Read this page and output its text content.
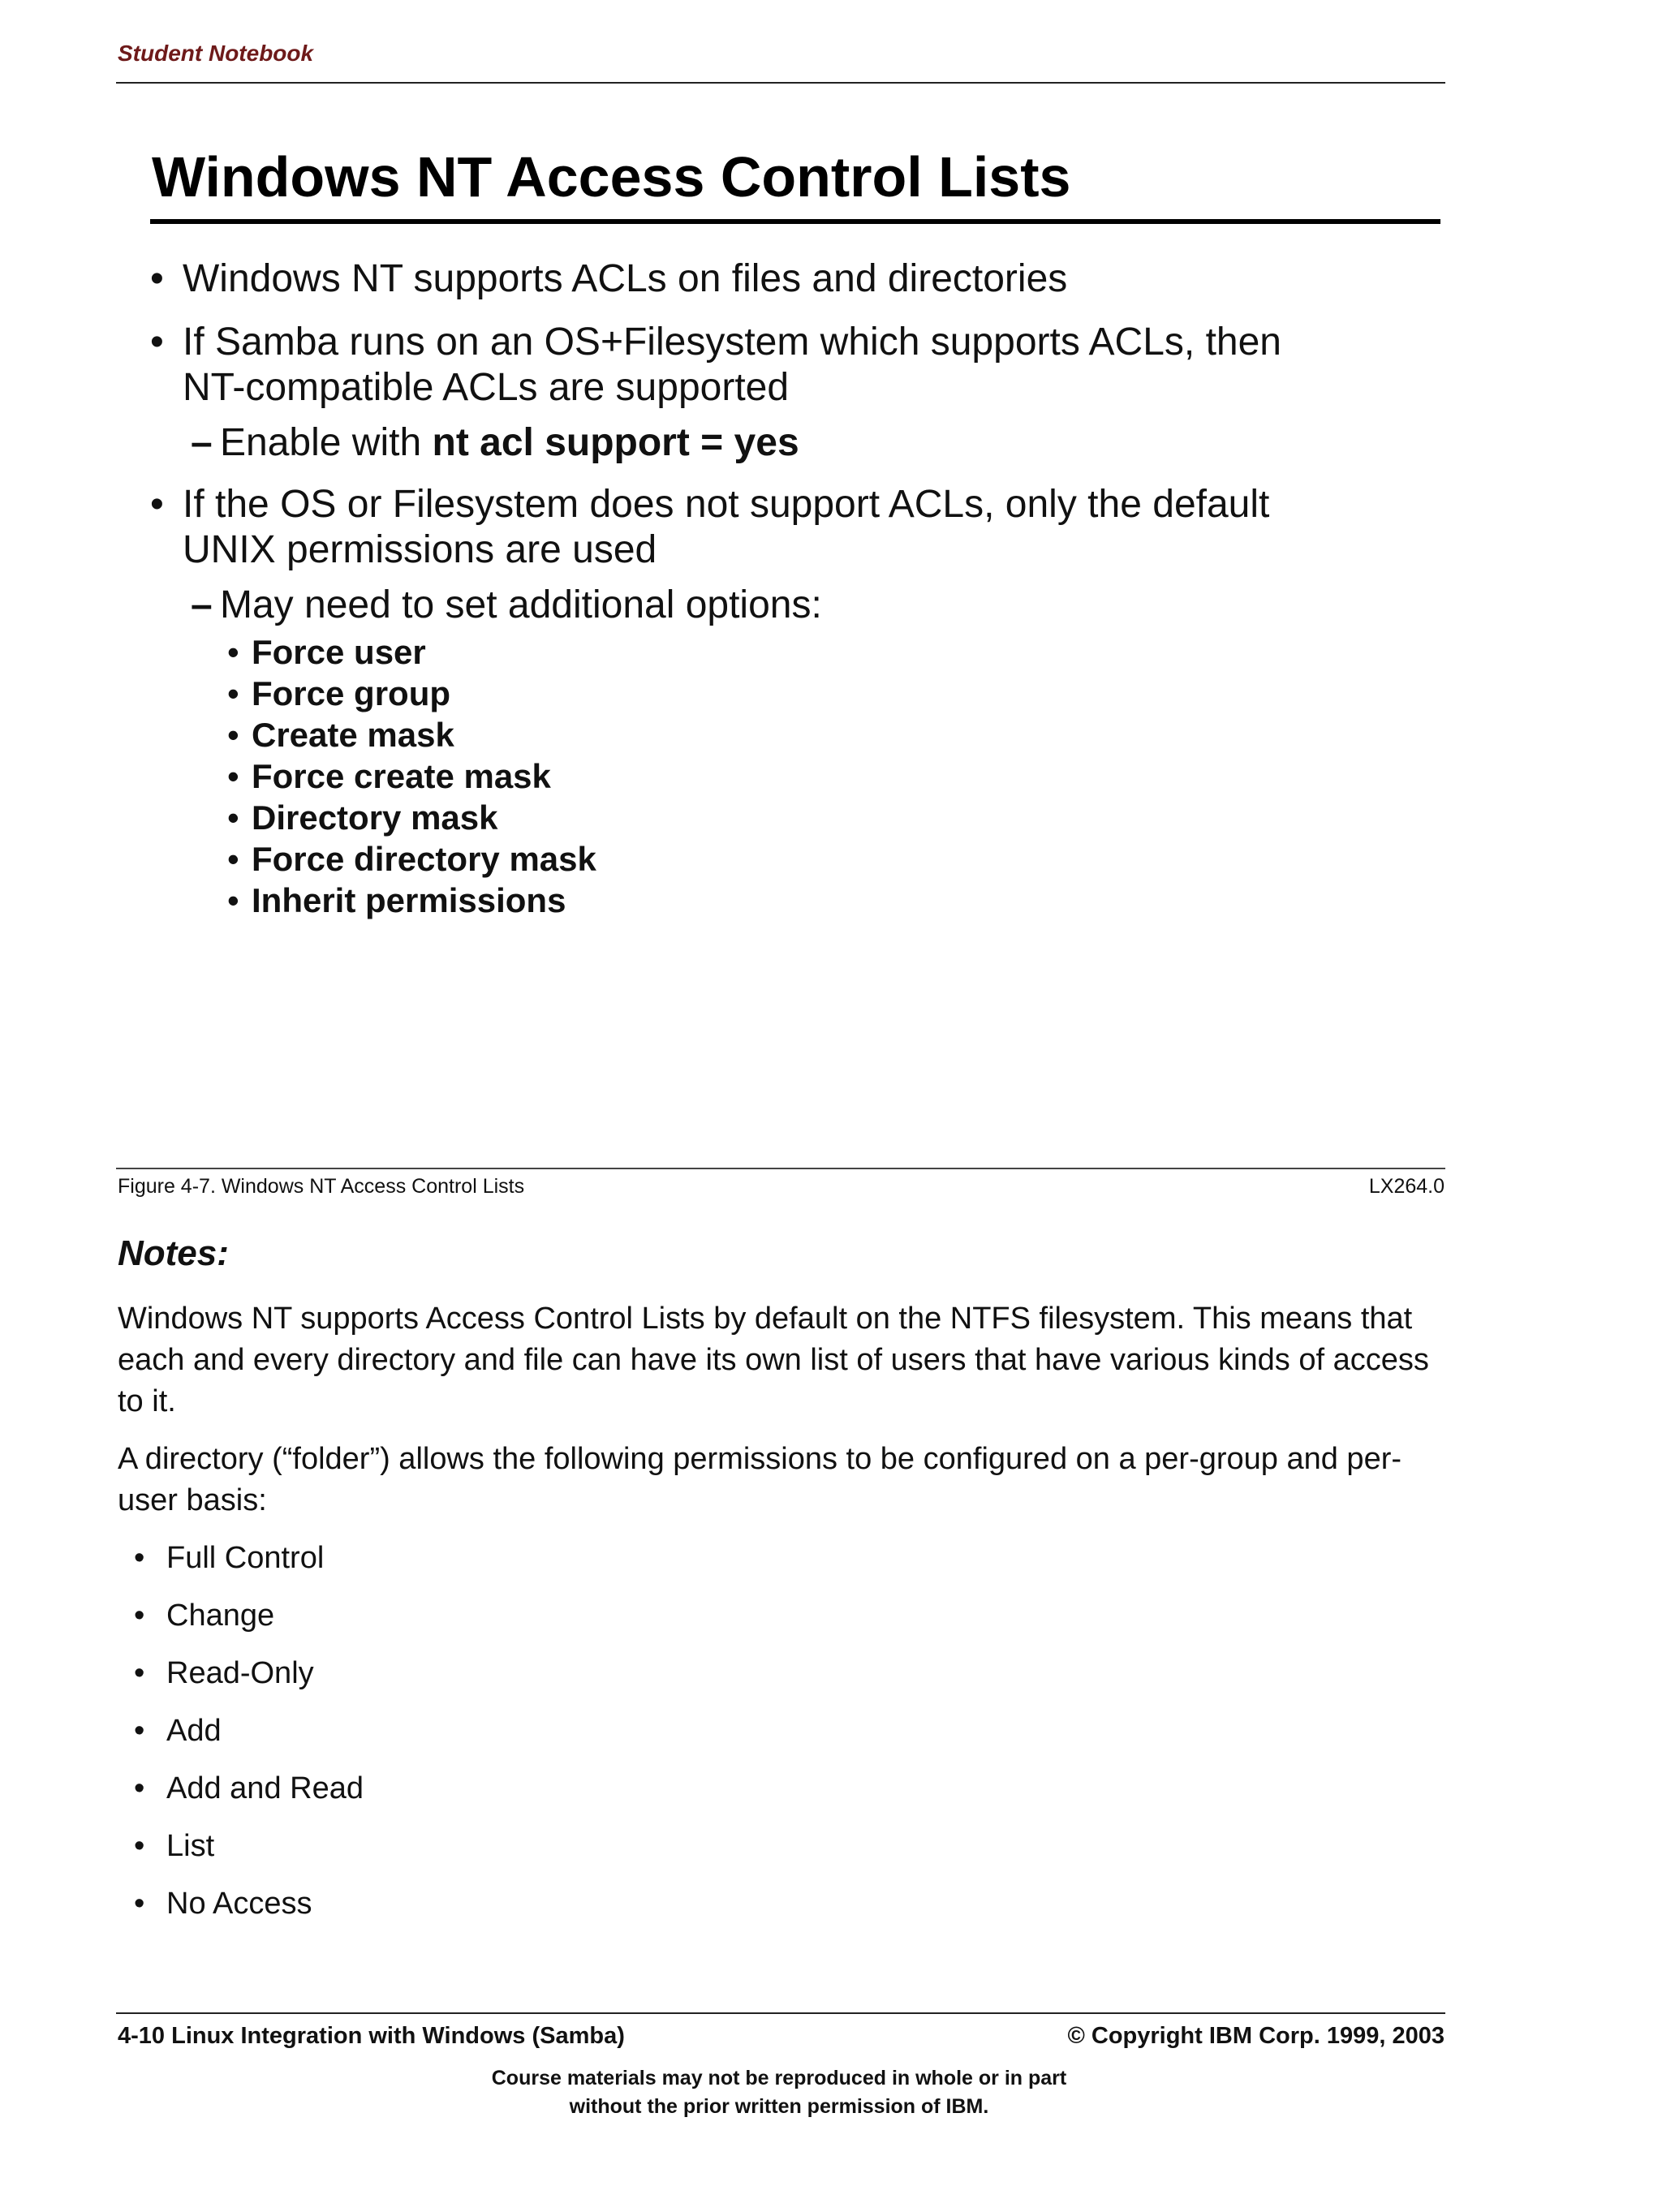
Student Notebook
Windows NT Access Control Lists
• Windows NT supports ACLs on files and directories
• If Samba runs on an OS+Filesystem which supports ACLs, then
NT-compatible ACLs are supported
– Enable with nt acl support = yes
• If the OS or Filesystem does not support ACLs, only the default
UNIX permissions are used
– May need to set additional options:
• Force user
• Force group
• Create mask
• Force create mask
• Directory mask
• Force directory mask
• Inherit permissions
Figure 4-7. Windows NT Access Control Lists	LX264.0
Notes:

Windows NT supports Access Control Lists by default on the NTFS filesystem. This means that each and every directory and file can have its own list of users that have various kinds of access to it.

A directory (“folder”) allows the following permissions to be configured on a per-group and per-user basis:

• Full Control
• Change
• Read-Only
• Add
• Add and Read
• List
• No Access
4-10 Linux Integration with Windows (Samba)	© Copyright IBM Corp. 1999, 2003
Course materials may not be reproduced in whole or in part
without the prior written permission of IBM.
